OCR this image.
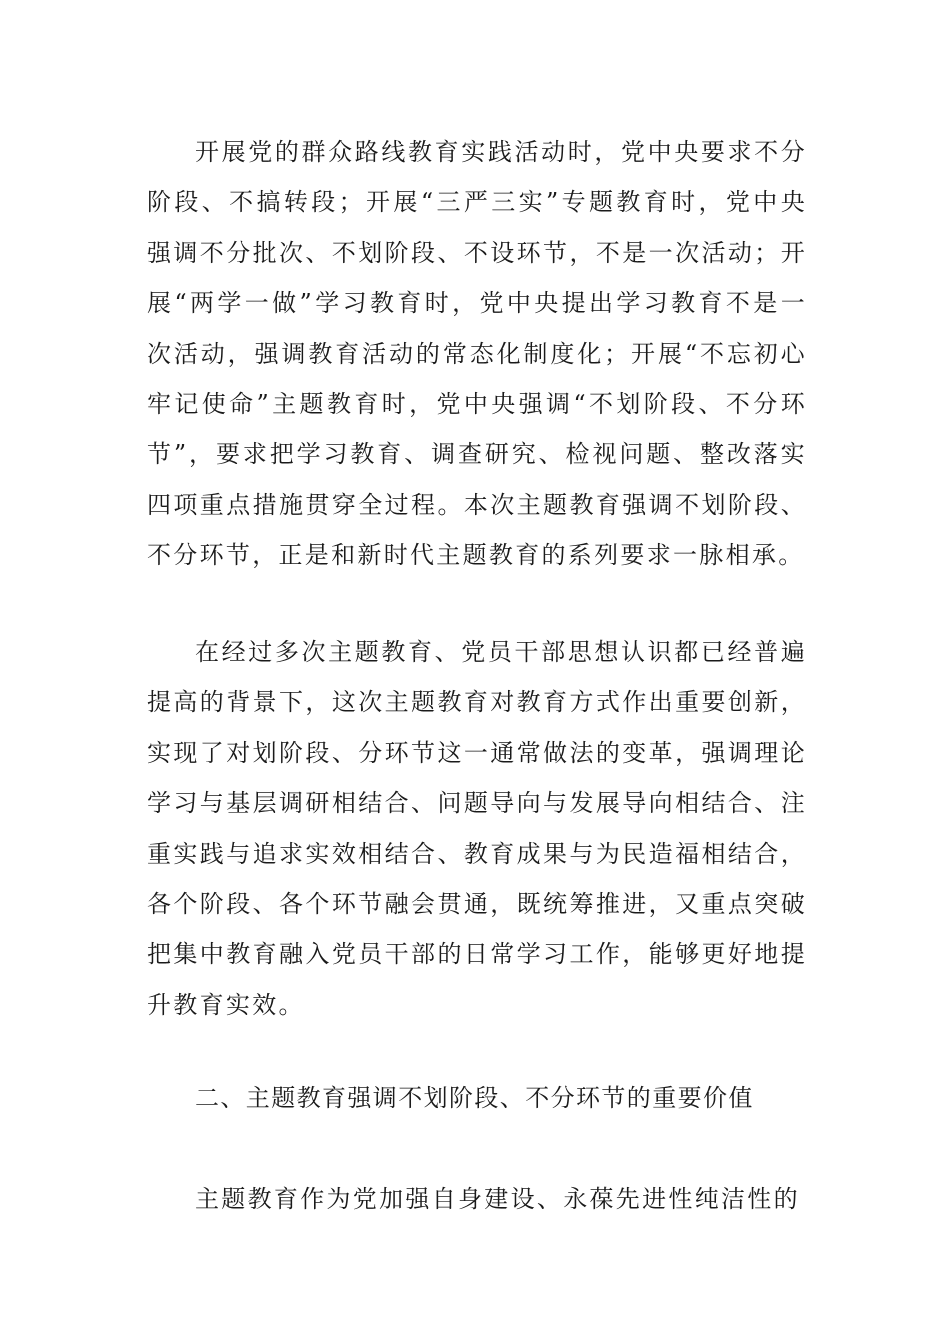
开展党的群众路线教育实践活动时，党中央要求不分阶段、不搞转段；开展“三严三实”专题教育时，党中央强调不分批次、不划阶段、不设环节，不是一次活动；开展“两学一做”学习教育时，党中央提出学习教育不是一次活动，强调教育活动的常态化制度化；开展“不忘初心牢记使命”主题教育时，党中央强调“不划阶段、不分环节”，要求把学习教育、调查研究、检视问题、整改落实四项重点措施贯穿全过程。本次主题教育强调不划阶段、不分环节，正是和新时代主题教育的系列要求一脉相承。

在经过多次主题教育、党员干部思想认识都已经普遍提高的背景下，这次主题教育对教育方式作出重要创新，实现了对划阶段、分环节这一通常做法的变革，强调理论学习与基层调研相结合、问题导向与发展导向相结合、注重实践与追求实效相结合、教育成果与为民造福相结合，各个阶段、各个环节融会贯通，既统筹推进，又重点突破把集中教育融入党员干部的日常学习工作，能够更好地提升教育实效。

二、主题教育强调不划阶段、不分环节的重要价值

主题教育作为党加强自身建设、永葆先进性纯洁性的
